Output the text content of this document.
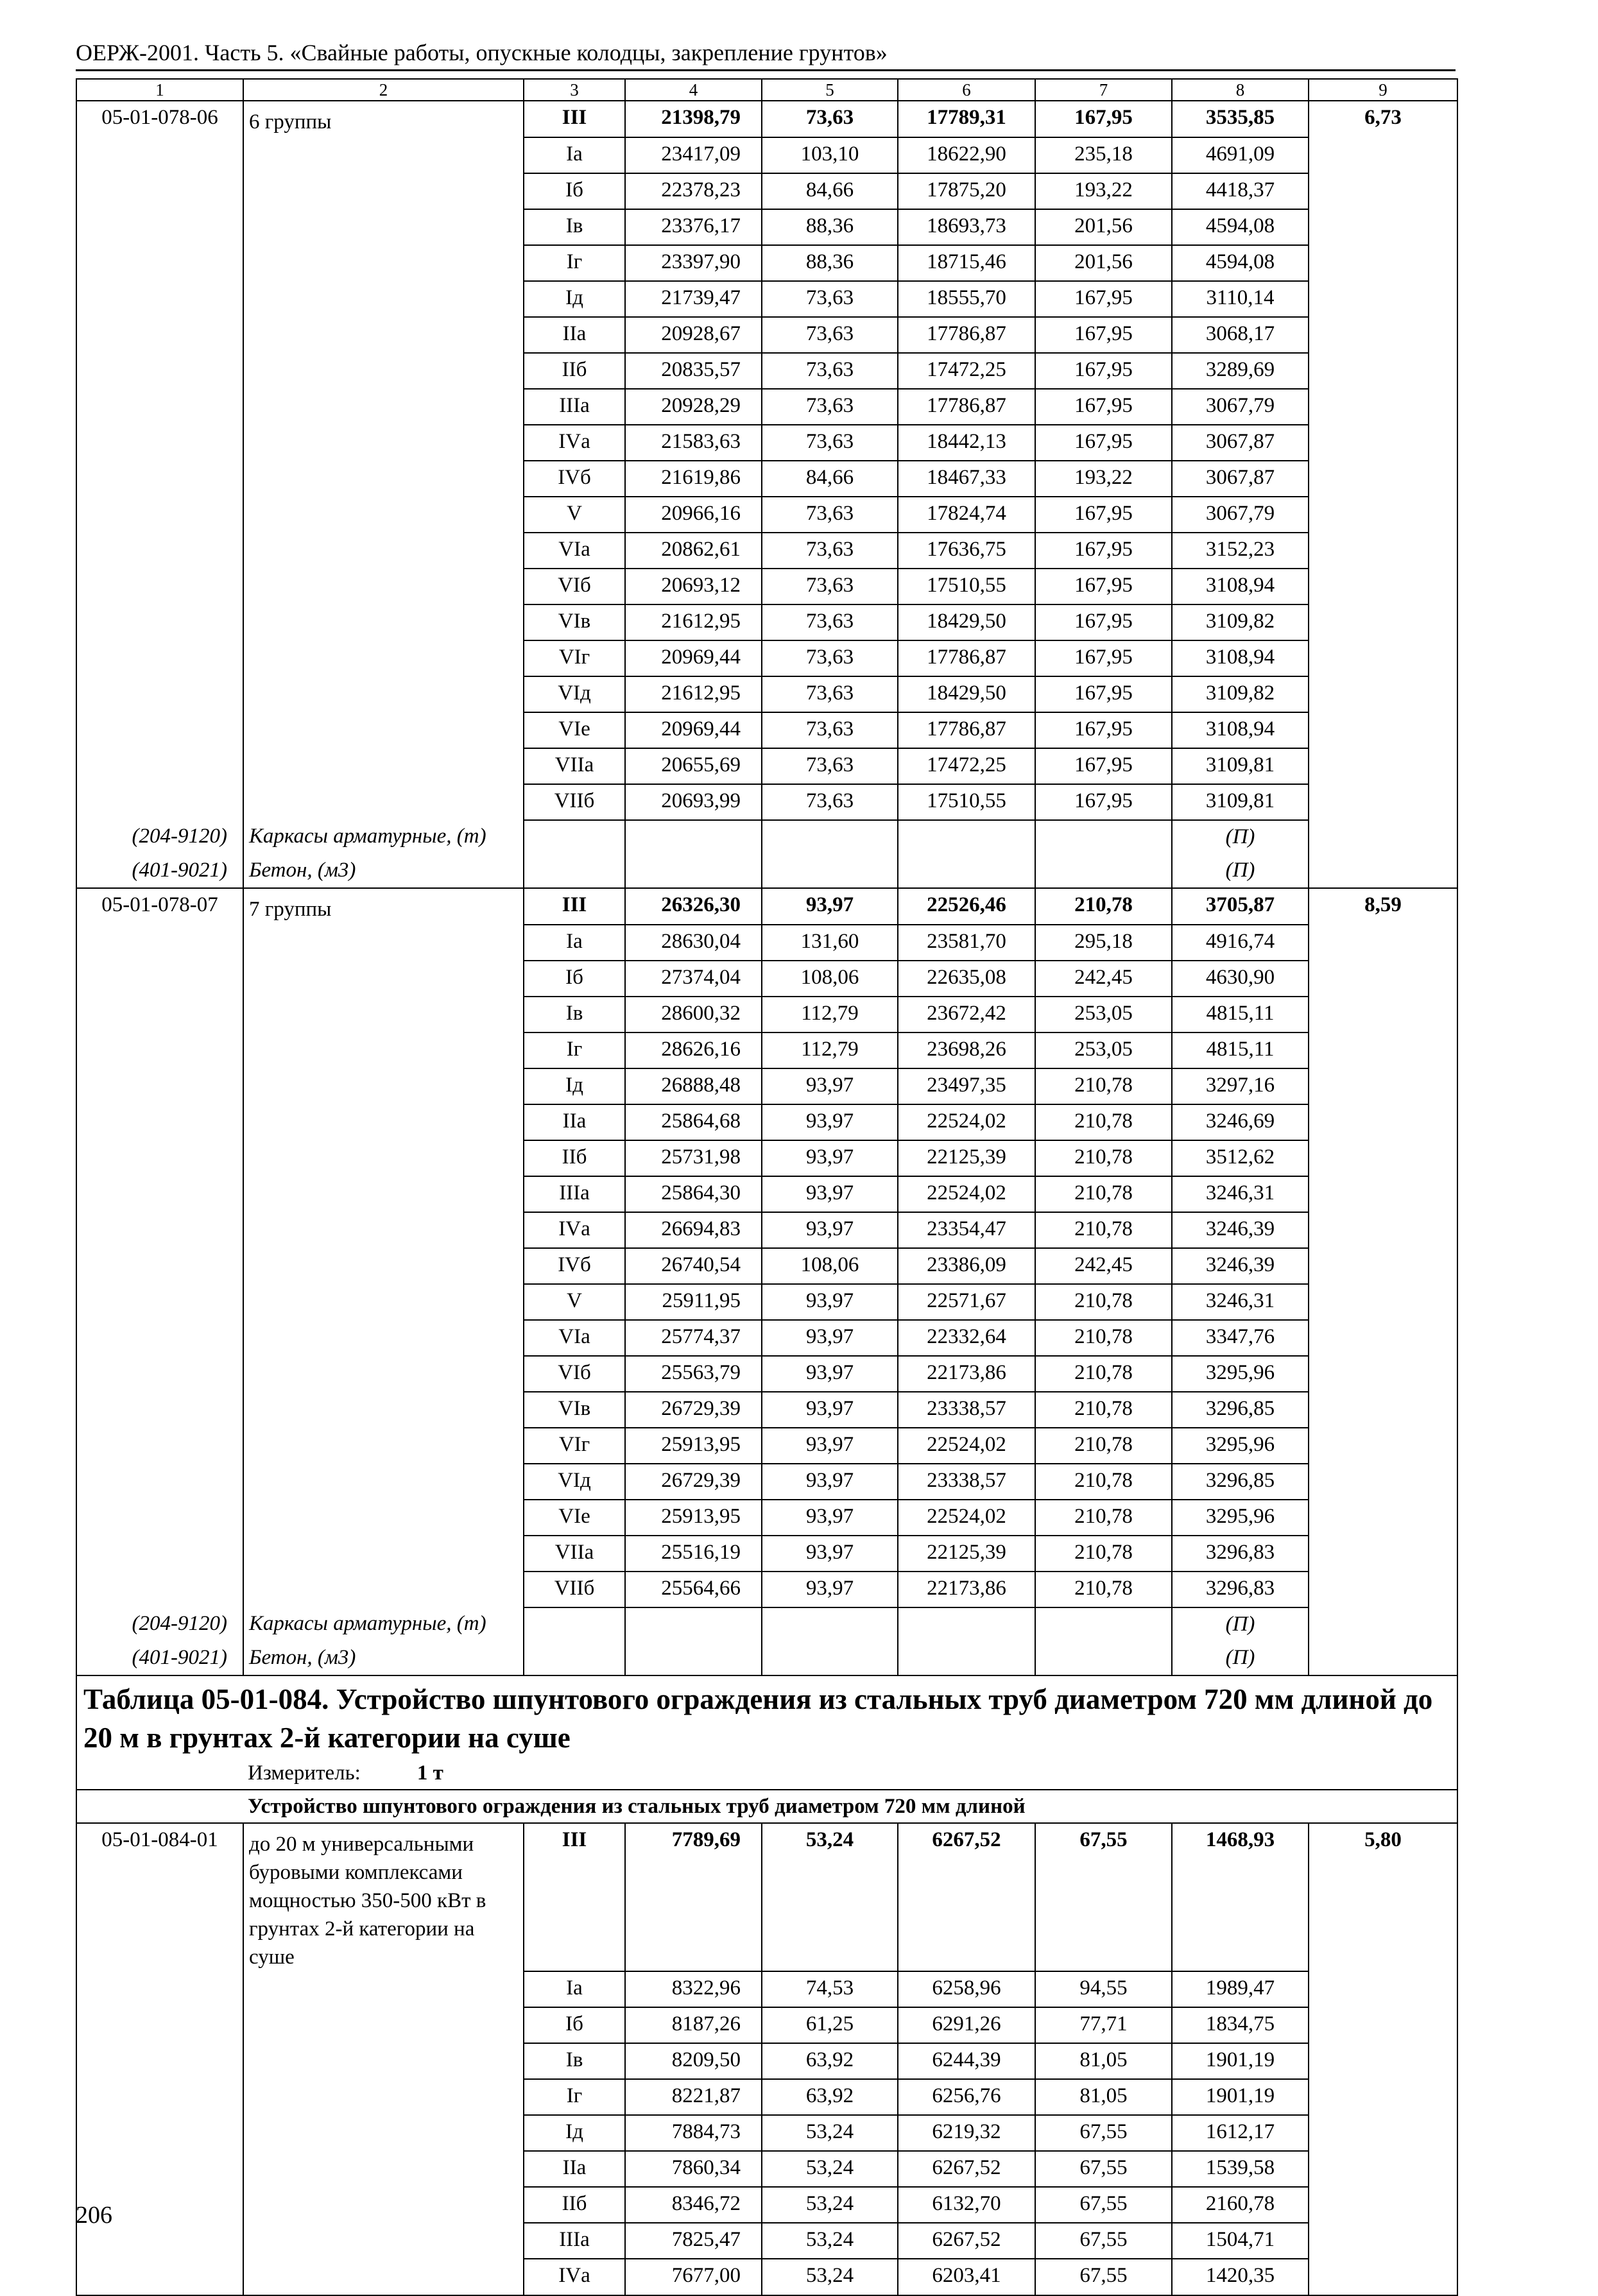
ОЕРЖ-2001. Часть 5. «Свайные работы, опускные колодцы, закрепление грунтов»
1	2	3	4	5	6	7	8	9
05-01-078-06	6 группы	III	21398,79	73,63	17789,31	167,95	3535,85	6,73
		Iа	23417,09	103,10	18622,90	235,18	4691,09	
		Iб	22378,23	84,66	17875,20	193,22	4418,37	
		Iв	23376,17	88,36	18693,73	201,56	4594,08	
		Iг	23397,90	88,36	18715,46	201,56	4594,08	
		Iд	21739,47	73,63	18555,70	167,95	3110,14	
		IIа	20928,67	73,63	17786,87	167,95	3068,17	
		IIб	20835,57	73,63	17472,25	167,95	3289,69	
		IIIа	20928,29	73,63	17786,87	167,95	3067,79	
		IVа	21583,63	73,63	18442,13	167,95	3067,87	
		IVб	21619,86	84,66	18467,33	193,22	3067,87	
		V	20966,16	73,63	17824,74	167,95	3067,79	
		VIа	20862,61	73,63	17636,75	167,95	3152,23	
		VIб	20693,12	73,63	17510,55	167,95	3108,94	
		VIв	21612,95	73,63	18429,50	167,95	3109,82	
		VIг	20969,44	73,63	17786,87	167,95	3108,94	
		VIд	21612,95	73,63	18429,50	167,95	3109,82	
		VIе	20969,44	73,63	17786,87	167,95	3108,94	
		VIIа	20655,69	73,63	17472,25	167,95	3109,81	
		VIIб	20693,99	73,63	17510,55	167,95	3109,81	
(204-9120)	Каркасы арматурные, (т)						(П)	
(401-9021)	Бетон, (м3)						(П)	
05-01-078-07	7 группы	III	26326,30	93,97	22526,46	210,78	3705,87	8,59
		Iа	28630,04	131,60	23581,70	295,18	4916,74	
		Iб	27374,04	108,06	22635,08	242,45	4630,90	
		Iв	28600,32	112,79	23672,42	253,05	4815,11	
		Iг	28626,16	112,79	23698,26	253,05	4815,11	
		Iд	26888,48	93,97	23497,35	210,78	3297,16	
		IIа	25864,68	93,97	22524,02	210,78	3246,69	
		IIб	25731,98	93,97	22125,39	210,78	3512,62	
		IIIа	25864,30	93,97	22524,02	210,78	3246,31	
		IVа	26694,83	93,97	23354,47	210,78	3246,39	
		IVб	26740,54	108,06	23386,09	242,45	3246,39	
		V	25911,95	93,97	22571,67	210,78	3246,31	
		VIа	25774,37	93,97	22332,64	210,78	3347,76	
		VIб	25563,79	93,97	22173,86	210,78	3295,96	
		VIв	26729,39	93,97	23338,57	210,78	3296,85	
		VIг	25913,95	93,97	22524,02	210,78	3295,96	
		VIд	26729,39	93,97	23338,57	210,78	3296,85	
		VIе	25913,95	93,97	22524,02	210,78	3295,96	
		VIIа	25516,19	93,97	22125,39	210,78	3296,83	
		VIIб	25564,66	93,97	22173,86	210,78	3296,83	
(204-9120)	Каркасы арматурные, (т)						(П)	
(401-9021)	Бетон, (м3)						(П)	

Таблица 05-01-084. Устройство шпунтового ограждения из стальных труб диаметром 720 мм длиной до 20 м в грунтах 2-й категории на суше
Измеритель: 1 т								

Устройство шпунтового ограждения из стальных труб диаметром 720 мм длиной								
05-01-084-01	до 20 м универсальными буровыми комплексами мощностью 350-500 кВт в грунтах 2-й категории на суше	III	7789,69	53,24	6267,52	67,55	1468,93	5,80
		Iа	8322,96	74,53	6258,96	94,55	1989,47	
		Iб	8187,26	61,25	6291,26	77,71	1834,75	
		Iв	8209,50	63,92	6244,39	81,05	1901,19	
		Iг	8221,87	63,92	6256,76	81,05	1901,19	
		Iд	7884,73	53,24	6219,32	67,55	1612,17	
		IIа	7860,34	53,24	6267,52	67,55	1539,58	
		IIб	8346,72	53,24	6132,70	67,55	2160,78	
		IIIа	7825,47	53,24	6267,52	67,55	1504,71	
		IVа	7677,00	53,24	6203,41	67,55	1420,35	
206
